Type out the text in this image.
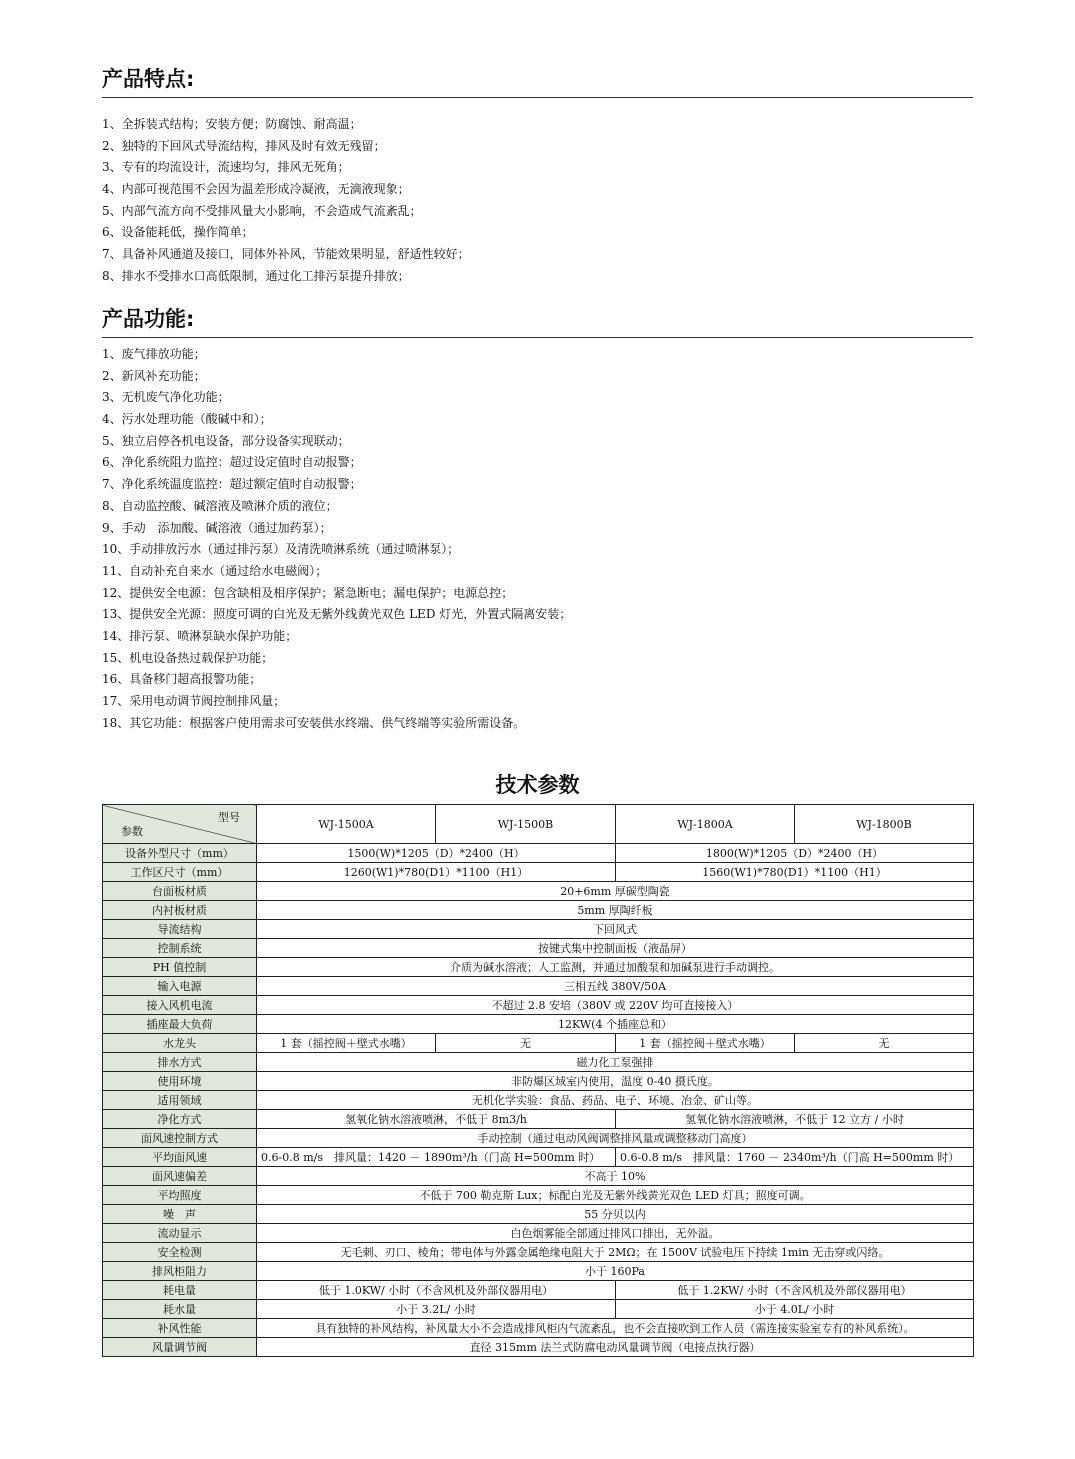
产品特点:
1、全拆装式结构；安装方便；防腐蚀、耐高温；
2、独特的下回风式导流结构，排风及时有效无残留；
3、专有的均流设计，流速均匀，排风无死角；
4、内部可视范围不会因为温差形成冷凝液，无滴液现象；
5、内部气流方向不受排风量大小影响，不会造成气流紊乱；
6、设备能耗低，操作简单；
7、具备补风通道及接口，同体外补风，节能效果明显，舒适性较好；
8、排水不受排水口高低限制，通过化工排污泵提升排放；
产品功能:
1、废气排放功能；
2、新风补充功能；
3、无机废气净化功能；
4、污水处理功能（酸碱中和）；
5、独立启停各机电设备，部分设备实现联动；
6、净化系统阻力监控：超过设定值时自动报警；
7、净化系统温度监控：超过额定值时自动报警；
8、自动监控酸、碱溶液及喷淋介质的液位；
9、手动　添加酸、碱溶液（通过加药泵）；
10、手动排放污水（通过排污泵）及清洗喷淋系统（通过喷淋泵）；
11、自动补充自来水（通过给水电磁阀）；
12、提供安全电源：包含缺相及相序保护；紧急断电；漏电保护；电源总控；
13、提供安全光源：照度可调的白光及无紫外线黄光双色 LED 灯光，外置式隔离安装；
14、排污泵、喷淋泵缺水保护功能；
15、机电设备热过载保护功能；
16、具备移门超高报警功能；
17、采用电动调节阀控制排风量；
18、其它功能：根据客户使用需求可安装供水终端、供气终端等实验所需设备。
技术参数
型号
参数	WJ-1500A	WJ-1500B	WJ-1800A	WJ-1800B
设备外型尺寸（mm）	1500(W)*1205（D）*2400（H）		1800(W)*1205（D）*2400（H）	
工作区尺寸（mm）	1260(W1)*780(D1）*1100（H1）		1560(W1)*780(D1）*1100（H1）	
台面板材质	20+6mm 厚碳型陶瓷			
内衬板材质	5mm 厚陶纤板			
导流结构	下回风式			
控制系统	按键式集中控制面板（液晶屏）			
PH 值控制	介质为碱水溶液；人工监测，并通过加酸泵和加碱泵进行手动调控。			
输入电源	三相五线 380V/50A			
接入风机电流	不超过 2.8 安培（380V 或 220V 均可直接接入）			
插座最大负荷	12KW(4 个插座总和）			
水龙头	1 套（摇控阀＋壁式水嘴）	无	1 套（摇控阀＋壁式水嘴）	无
排水方式	磁力化工泵强排			
使用环境	非防爆区域室内使用，温度 0-40 摄氏度。			
适用领域	无机化学实验：食品、药品、电子、环境、冶金、矿山等。			
净化方式	氢氧化钠水溶液喷淋，不低于 8m3/h		氢氧化钠水溶液喷淋，不低于 12 立方 / 小时	
面风速控制方式	手动控制（通过电动风阀调整排风量或调整移动门高度）			
平均面风速	0.6-0.8 m/s　排风量：1420 － 1890m³/h（门高 H=500mm 时）		0.6-0.8 m/s　排风量：1760 － 2340m³/h（门高 H=500mm 时）	
面风速偏差	不高于 10%			
平均照度	不低于 700 勒克斯 Lux；标配白光及无紫外线黄光双色 LED 灯具；照度可调。			
噪　声	55 分贝以内			
流动显示	白色烟雾能全部通过排风口排出，无外溢。			
安全检测	无毛刺、刃口、棱角；带电体与外露金属绝缘电阻大于 2MΩ；在 1500V 试验电压下持续 1min 无击穿或闪络。			
排风柜阻力	小于 160Pa			
耗电量	低于 1.0KW/ 小时（不含风机及外部仪器用电）		低于 1.2KW/ 小时（不含风机及外部仪器用电）	
耗水量	小于 3.2L/ 小时		小于 4.0L/ 小时	
补风性能	具有独特的补风结构，补风量大小不会造成排风柜内气流紊乱，也不会直接吹到工作人员（需连接实验室专有的补风系统）。			
风量调节阀	直径 315mm 法兰式防腐电动风量调节阀（电接点执行器）			
